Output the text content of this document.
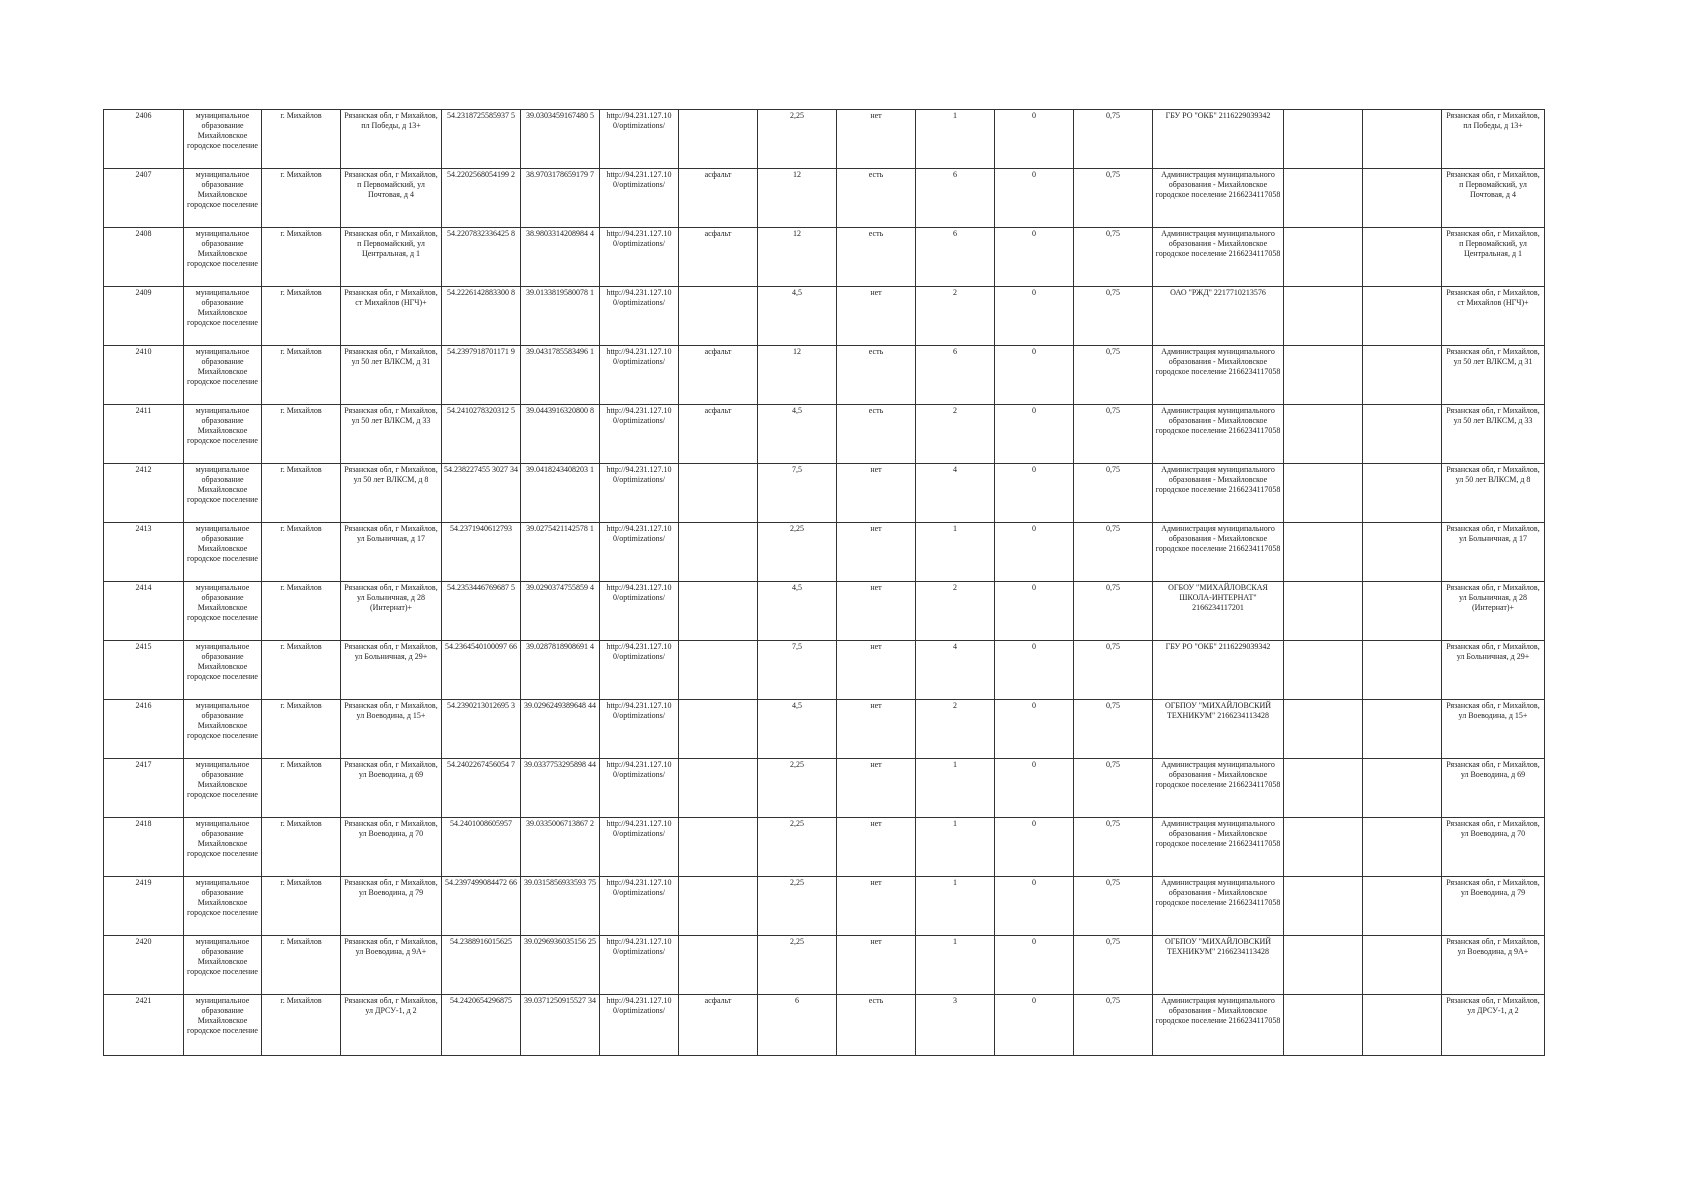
2406	муниципальное образование Михайловское городское поселение	г. Михайлов	Рязанская обл, г Михайлов, пл Победы, д 13+	54.2318725585937 5	39.0303459167480 5	http://94.231.127.10 0/optimizations/		2,25	нет	1	0	0,75	ГБУ РО "ОКБ" 2116229039342			Рязанская обл, г Михайлов, пл Победы, д 13+
2407	муниципальное образование Михайловское городское поселение	г. Михайлов	Рязанская обл, г Михайлов, п Первомайский, ул Почтовая, д 4	54.2202568054199 2	38.9703178659179 7	http://94.231.127.10 0/optimizations/	асфальт	12	есть	6	0	0,75	Администрация муниципального образования - Михайловское городское поселение 2166234117058			Рязанская обл, г Михайлов, п Первомайский, ул Почтовая, д 4
2408	муниципальное образование Михайловское городское поселение	г. Михайлов	Рязанская обл, г Михайлов, п Первомайский, ул Центральная, д 1	54.2207832336425 8	38.9803314208984 4	http://94.231.127.10 0/optimizations/	асфальт	12	есть	6	0	0,75	Администрация муниципального образования - Михайловское городское поселение 2166234117058			Рязанская обл, г Михайлов, п Первомайский, ул Центральная, д 1
2409	муниципальное образование Михайловское городское поселение	г. Михайлов	Рязанская обл, г Михайлов, ст Михайлов (НГЧ)+	54.2226142883300 8	39.0133819580078 1	http://94.231.127.10 0/optimizations/		4,5	нет	2	0	0,75	ОАО "РЖД" 2217710213576			Рязанская обл, г Михайлов, ст Михайлов (НГЧ)+
2410	муниципальное образование Михайловское городское поселение	г. Михайлов	Рязанская обл, г Михайлов, ул 50 лет ВЛКСМ, д 31	54.2397918701171 9	39.0431785583496 1	http://94.231.127.10 0/optimizations/	асфальт	12	есть	6	0	0,75	Администрация муниципального образования - Михайловское городское поселение 2166234117058			Рязанская обл, г Михайлов, ул 50 лет ВЛКСМ, д 31
2411	муниципальное образование Михайловское городское поселение	г. Михайлов	Рязанская обл, г Михайлов, ул 50 лет ВЛКСМ, д 33	54.2410278320312 5	39.0443916320800 8	http://94.231.127.10 0/optimizations/	асфальт	4,5	есть	2	0	0,75	Администрация муниципального образования - Михайловское городское поселение 2166234117058			Рязанская обл, г Михайлов, ул 50 лет ВЛКСМ, д 33
2412	муниципальное образование Михайловское городское поселение	г. Михайлов	Рязанская обл, г Михайлов, ул 50 лет ВЛКСМ, д 8	54.238227455 3027 34	39.0418243408203 1	http://94.231.127.10 0/optimizations/		7,5	нет	4	0	0,75	Администрация муниципального образования - Михайловское городское поселение 2166234117058			Рязанская обл, г Михайлов, ул 50 лет ВЛКСМ, д 8
2413	муниципальное образование Михайловское городское поселение	г. Михайлов	Рязанская обл, г Михайлов, ул Больничная, д 17	54.2371940612793	39.0275421142578 1	http://94.231.127.10 0/optimizations/		2,25	нет	1	0	0,75	Администрация муниципального образования - Михайловское городское поселение 2166234117058			Рязанская обл, г Михайлов, ул Больничная, д 17
2414	муниципальное образование Михайловское городское поселение	г. Михайлов	Рязанская обл, г Михайлов, ул Больничная, д 28 (Интернат)+	54.2353446769687 5	39.0290374755859 4	http://94.231.127.10 0/optimizations/		4,5	нет	2	0	0,75	ОГБОУ "МИХАЙЛОВСКАЯ ШКОЛА-ИНТЕРНАТ" 2166234117201			Рязанская обл, г Михайлов, ул Больничная, д 28 (Интернат)+
2415	муниципальное образование Михайловское городское поселение	г. Михайлов	Рязанская обл, г Михайлов, ул Больничная, д 29+	54.2364540100097 66	39.0287818908691 4	http://94.231.127.10 0/optimizations/		7,5	нет	4	0	0,75	ГБУ РО "ОКБ" 2116229039342			Рязанская обл, г Михайлов, ул Больничная, д 29+
2416	муниципальное образование Михайловское городское поселение	г. Михайлов	Рязанская обл, г Михайлов, ул Воеводина, д 15+	54.2390213012695 3	39.0296249389648 44	http://94.231.127.10 0/optimizations/		4,5	нет	2	0	0,75	ОГБПОУ "МИХАЙЛОВСКИЙ ТЕХНИКУМ" 2166234113428			Рязанская обл, г Михайлов, ул Воеводина, д 15+
2417	муниципальное образование Михайловское городское поселение	г. Михайлов	Рязанская обл, г Михайлов, ул Воеводина, д 69	54.2402267456054 7	39.0337753295898 44	http://94.231.127.10 0/optimizations/		2,25	нет	1	0	0,75	Администрация муниципального образования - Михайловское городское поселение 2166234117058			Рязанская обл, г Михайлов, ул Воеводина, д 69
2418	муниципальное образование Михайловское городское поселение	г. Михайлов	Рязанская обл, г Михайлов, ул Воеводина, д 70	54.2401008605957	39.0335006713867 2	http://94.231.127.10 0/optimizations/		2,25	нет	1	0	0,75	Администрация муниципального образования - Михайловское городское поселение 2166234117058			Рязанская обл, г Михайлов, ул Воеводина, д 70
2419	муниципальное образование Михайловское городское поселение	г. Михайлов	Рязанская обл, г Михайлов, ул Воеводина, д 79	54.2397499084472 66	39.0315856933593 75	http://94.231.127.10 0/optimizations/		2,25	нет	1	0	0,75	Администрация муниципального образования - Михайловское городское поселение 2166234117058			Рязанская обл, г Михайлов, ул Воеводина, д 79
2420	муниципальное образование Михайловское городское поселение	г. Михайлов	Рязанская обл, г Михайлов, ул Воеводина, д 9А+	54.2388916015625	39.0296936035156 25	http://94.231.127.10 0/optimizations/		2,25	нет	1	0	0,75	ОГБПОУ "МИХАЙЛОВСКИЙ ТЕХНИКУМ" 2166234113428			Рязанская обл, г Михайлов, ул Воеводина, д 9А+
2421	муниципальное образование Михайловское городское поселение	г. Михайлов	Рязанская обл, г Михайлов, ул ДРСУ-1, д 2	54.2420654296875	39.0371250915527 34	http://94.231.127.10 0/optimizations/	асфальт	6	есть	3	0	0,75	Администрация муниципального образования - Михайловское городское поселение 2166234117058			Рязанская обл, г Михайлов, ул ДРСУ-1, д 2
